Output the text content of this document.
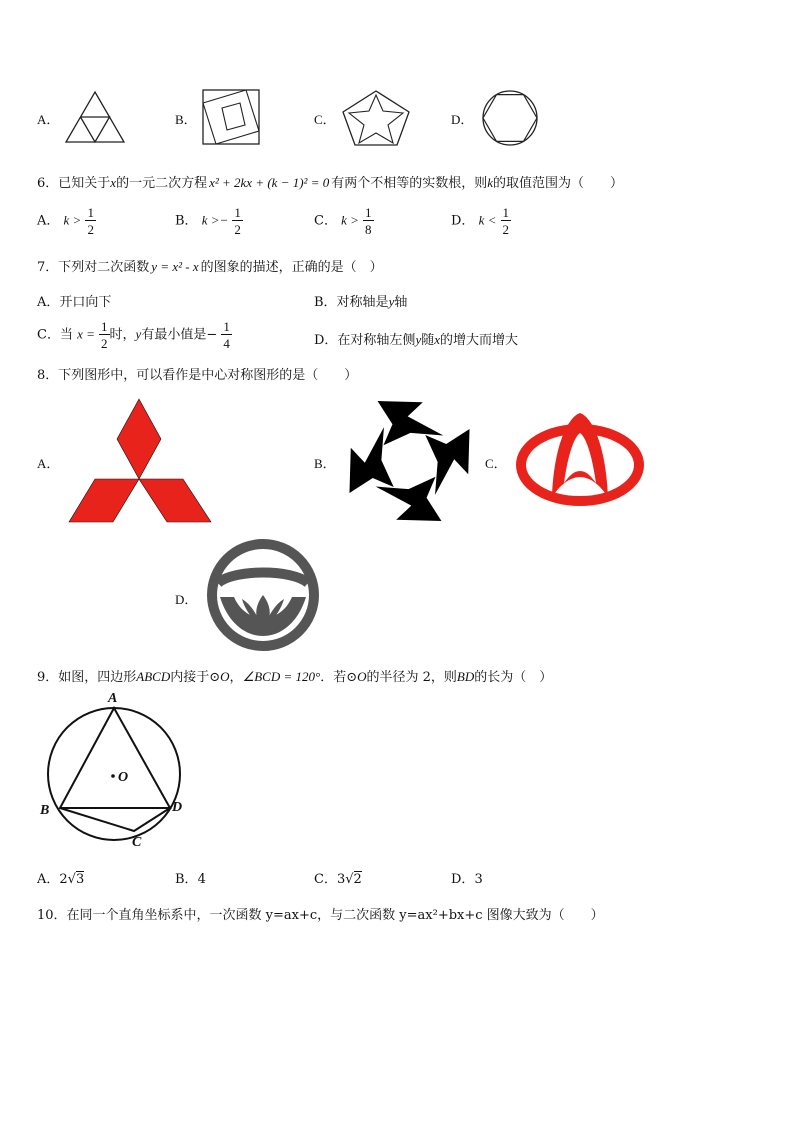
A．	B．	C．	D．
6．已知关于x的一元二次方程 x² + 2kx + (k − 1)² = 0 有两个不相等的实数根，则k的取值范围为（　　）
A． $k > \frac{1}{2}$	B． $k >- \frac{1}{2}$	C． $k > \frac{1}{8}$	D． $k < \frac{1}{2}$
7．下列对二次函数 y = x² - x 的图象的描述，正确的是（　）
A．开口向下	B．对称轴是y轴
C．当 $x = \frac{1}{2}$ 时，y有最小值是− $\frac{1}{4}$	D．在对称轴左侧y随x的增大而增大
8．下列图形中，可以看作是中心对称图形的是（　　）
A．	B．	C．
D．
9．如图，四边形ABCD内接于⊙O，∠BCD = 120°．若⊙O的半径为 2，则BD的长为（　）
A
B
C
D
O
A．2√3	B．4	C．3√2	D．3
10．在同一个直角坐标系中，一次函数 y=ax+c，与二次函数 y=ax²+bx+c 图像大致为（　　）
